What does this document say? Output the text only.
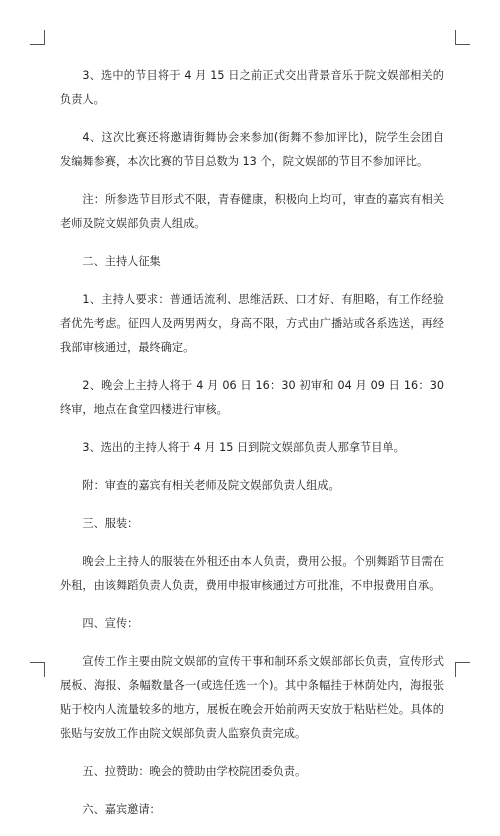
3、选中的节目将于 4 月 15 日之前正式交出背景音乐于院文娱部相关的负责人。

4、这次比赛还将邀请街舞协会来参加(街舞不参加评比)，院学生会团自发编舞参赛，本次比赛的节目总数为 13 个，院文娱部的节目不参加评比。

注：所参选节目形式不限，青春健康，积极向上均可，审查的嘉宾有相关老师及院文娱部负责人组成。

二、主持人征集

1、主持人要求：普通话流利、思维活跃、口才好、有胆略，有工作经验者优先考虑。征四人及两男两女，身高不限，方式由广播站或各系选送，再经我部审核通过，最终确定。

2、晚会上主持人将于 4 月 06 日 16：30 初审和 04 月 09 日 16：30 终审，地点在食堂四楼进行审核。

3、选出的主持人将于 4 月 15 日到院文娱部负责人那拿节目单。

附：审查的嘉宾有相关老师及院文娱部负责人组成。

三、服装：

晚会上主持人的服装在外租还由本人负责，费用公报。个别舞蹈节目需在外租，由该舞蹈负责人负责，费用申报审核通过方可批准，不申报费用自承。

四、宣传：

宣传工作主要由院文娱部的宣传干事和制环系文娱部部长负责，宣传形式展板、海报、条幅数量各一(或选任选一个)。其中条幅挂于林荫处内，海报张贴于校内人流量较多的地方，展板在晚会开始前两天安放于粘贴栏处。具体的张贴与安放工作由院文娱部负责人监察负责完成。

五、拉赞助：晚会的赞助由学校院团委负责。

六、嘉宾邀请：
